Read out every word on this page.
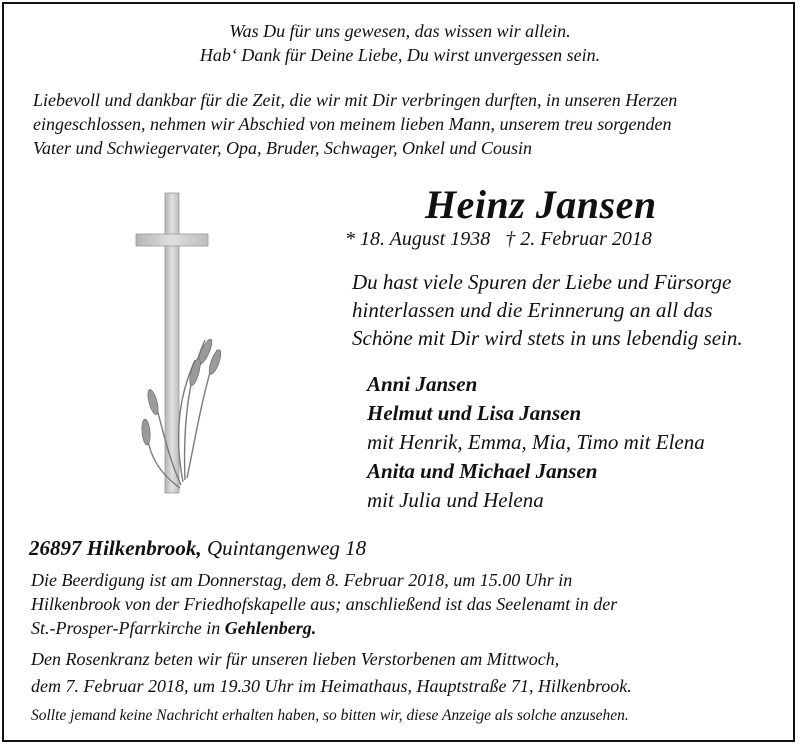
Was Du für uns gewesen, das wissen wir allein.
Hab‘ Dank für Deine Liebe, Du wirst unvergessen sein.
Liebevoll und dankbar für die Zeit, die wir mit Dir verbringen durften, in unseren Herzen
eingeschlossen, nehmen wir Abschied von meinem lieben Mann, unserem treu sorgenden
Vater und Schwiegervater, Opa, Bruder, Schwager, Onkel und Cousin
Heinz Jansen
* 18. August 1938 † 2. Februar 2018
Du hast viele Spuren der Liebe und Fürsorge
hinterlassen und die Erinnerung an all das
Schöne mit Dir wird stets in uns lebendig sein.
Anni Jansen
Helmut und Lisa Jansen
mit Henrik, Emma, Mia, Timo mit Elena
Anita und Michael Jansen
mit Julia und Helena
26897 Hilkenbrook, Quintangenweg 18
Die Beerdigung ist am Donnerstag, dem 8. Februar 2018, um 15.00 Uhr in
Hilkenbrook von der Friedhofskapelle aus; anschließend ist das Seelenamt in der
St.-Prosper-Pfarrkirche in Gehlenberg.
Den Rosenkranz beten wir für unseren lieben Verstorbenen am Mittwoch,
dem 7. Februar 2018, um 19.30 Uhr im Heimathaus, Hauptstraße 71, Hilkenbrook.
Sollte jemand keine Nachricht erhalten haben, so bitten wir, diese Anzeige als solche anzusehen.
